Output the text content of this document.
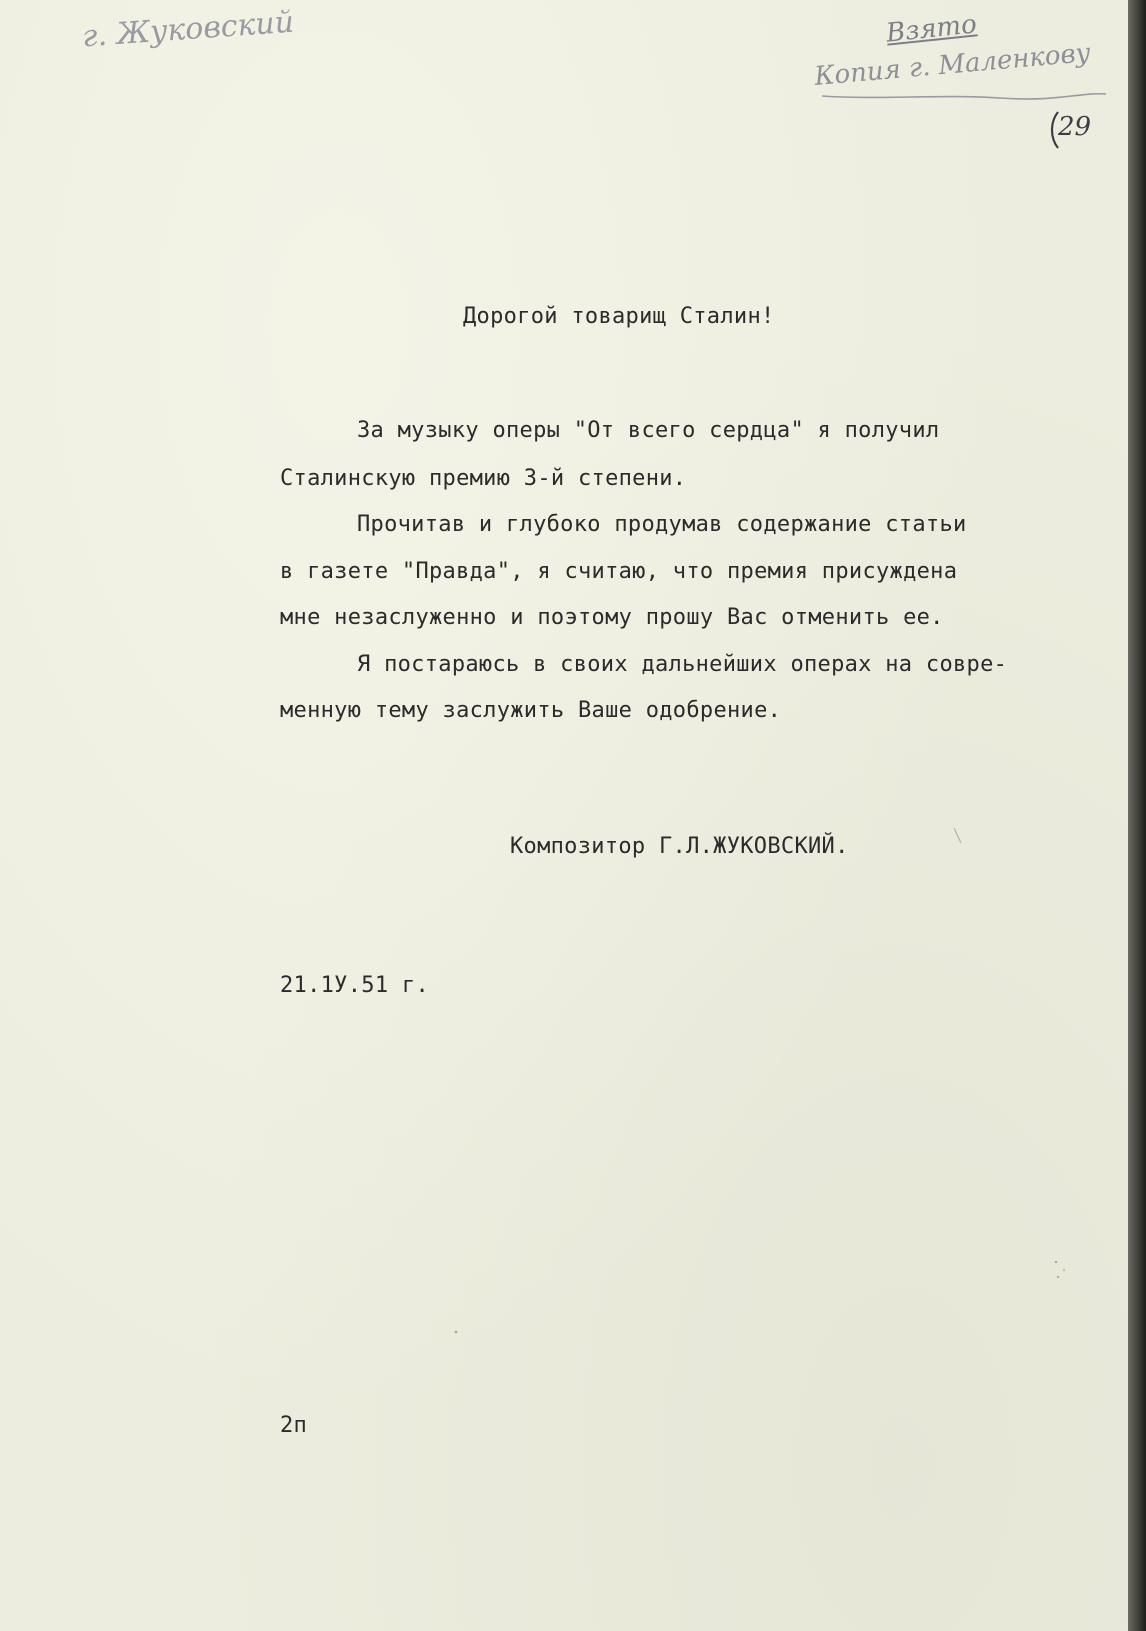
г. Жуковский	Взято
Копия г. Маленкову
29
Дорогой товарищ Сталин!
За музыку оперы "От всего сердца" я получил
Сталинскую премию 3-й степени.
Прочитав и глубоко продумав содержание статьи
в газете "Правда", я считаю, что премия присуждена
мне незаслуженно и поэтому прошу Вас отменить ее.
Я постараюсь в своих дальнейших операх на совре-
менную тему заслужить Ваше одобрение.
Композитор Г.Л.ЖУКОВСКИЙ.
21.1У.51 г.
2п
